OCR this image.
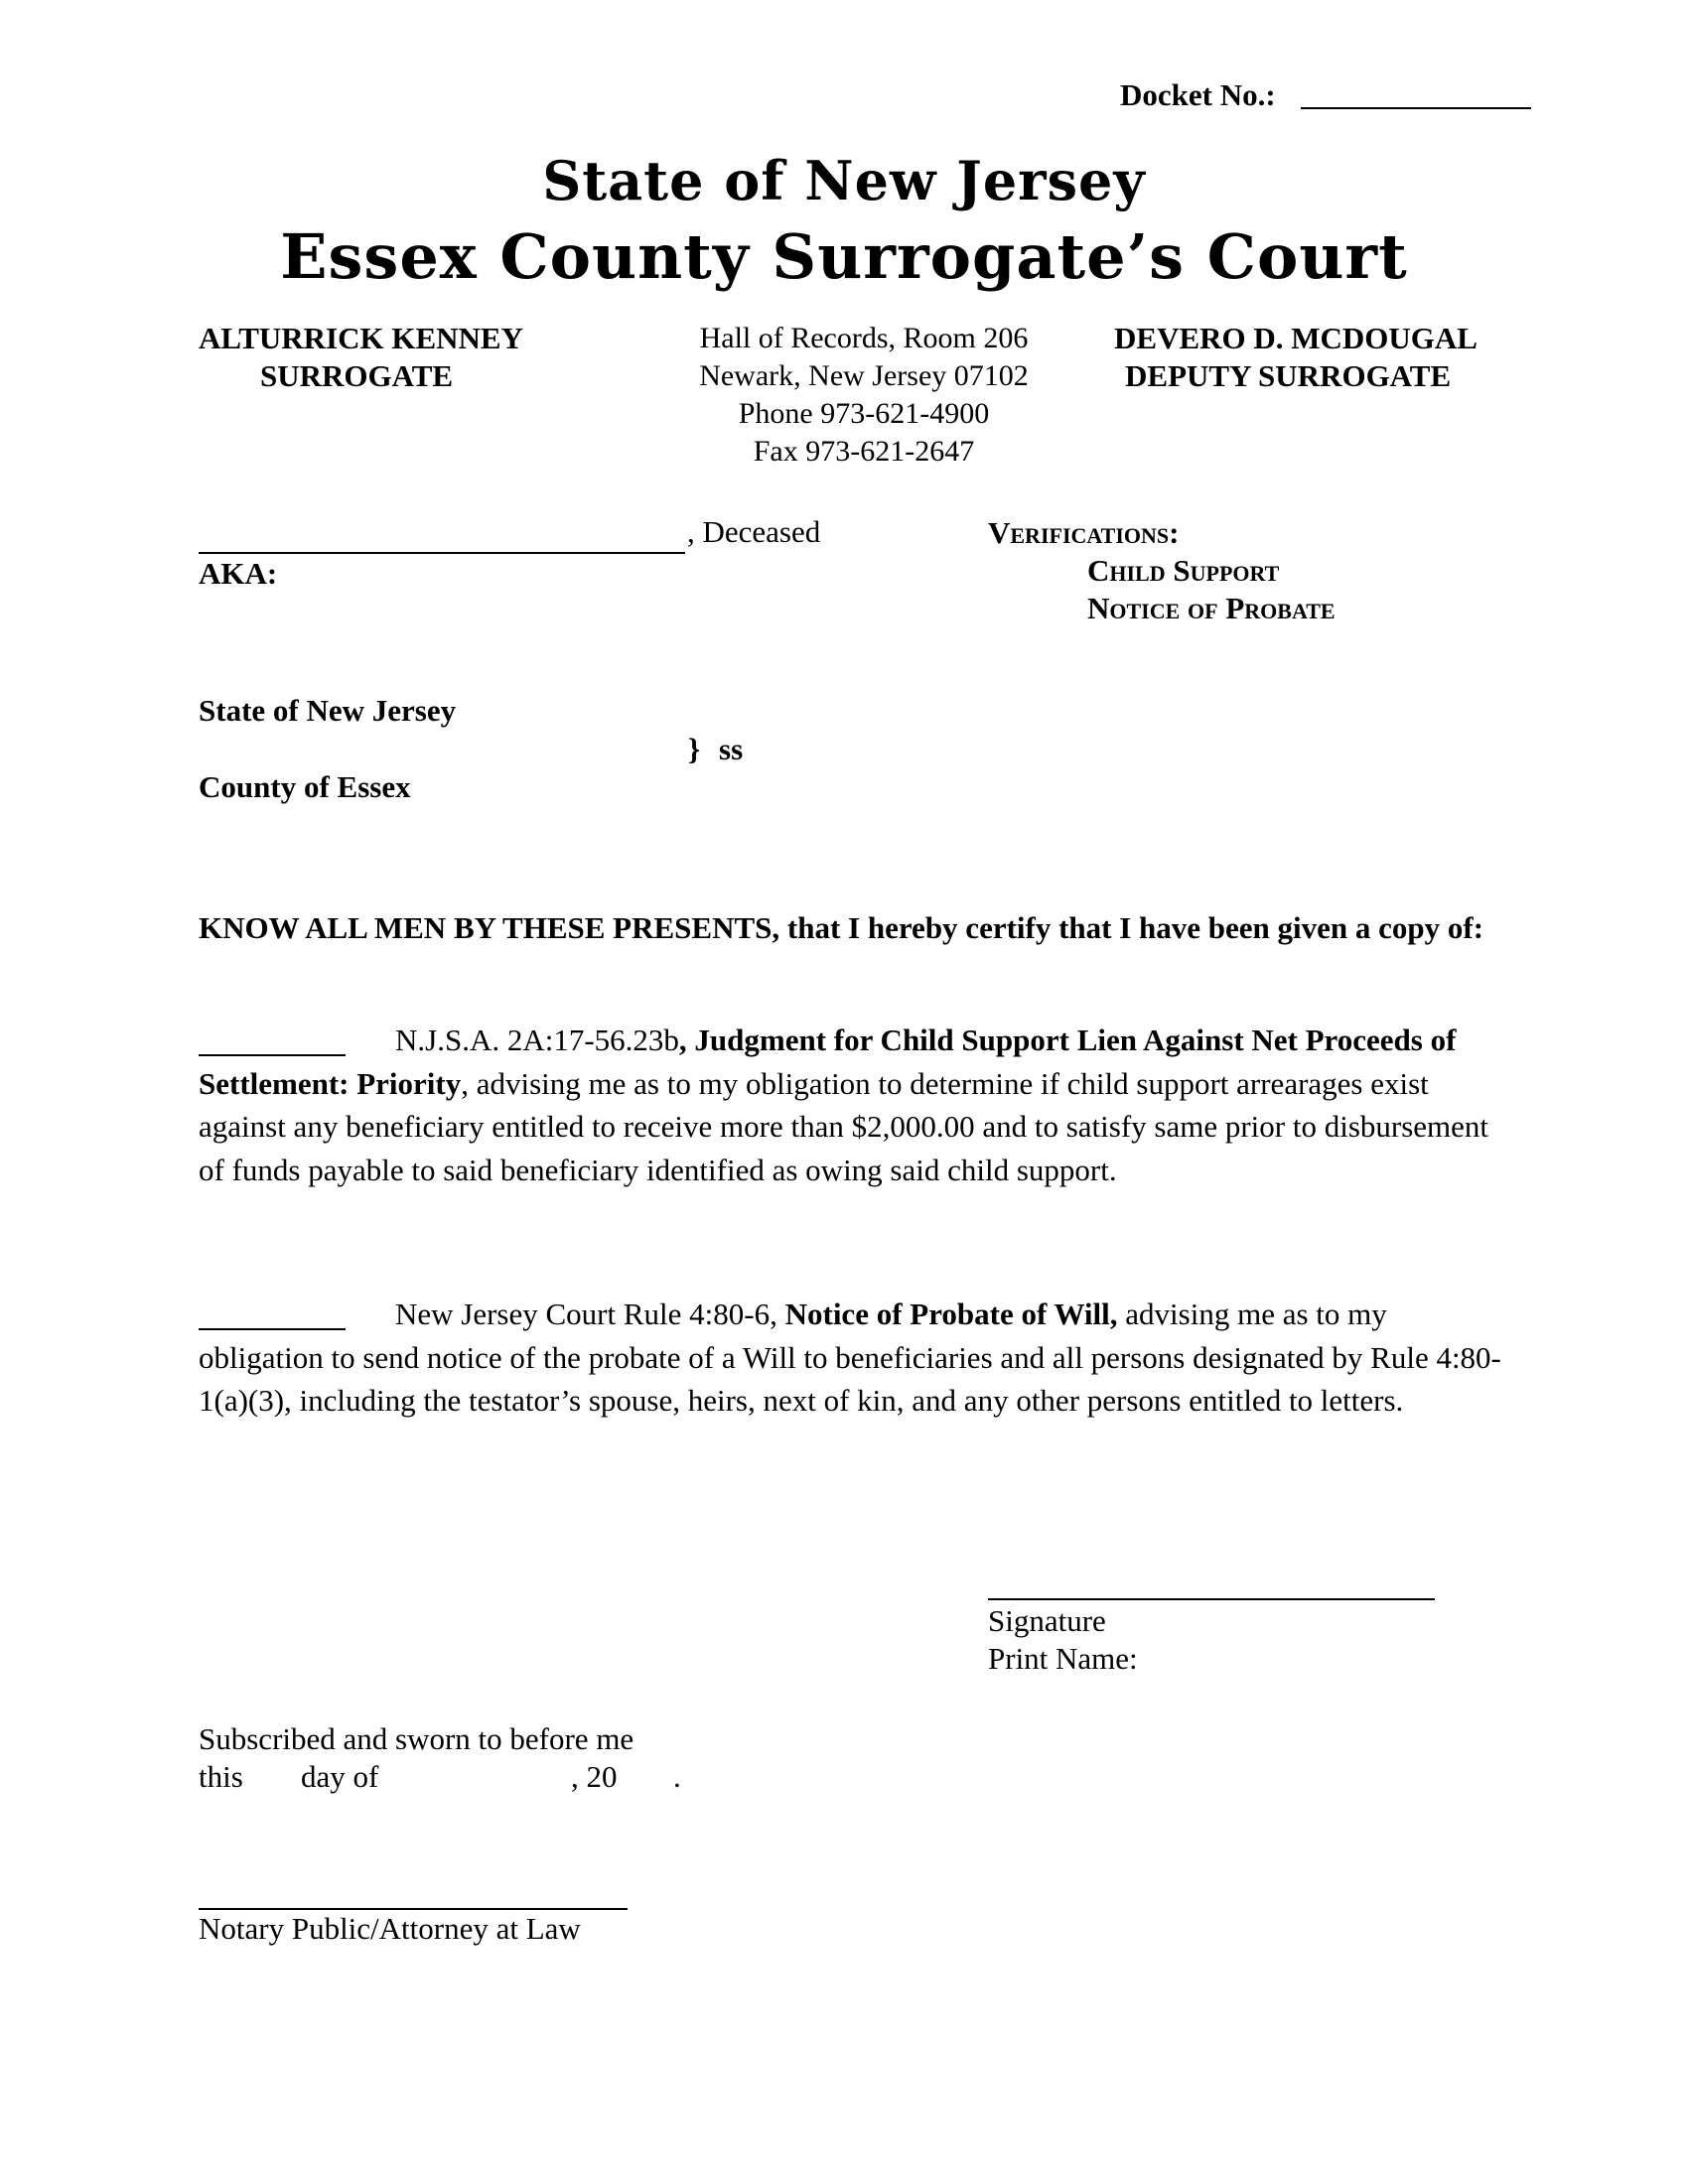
Docket No.:
State of New Jersey
Essex County Surrogate’s Court
ALTURRICK KENNEY
SURROGATE
DEVERO D. MCDOUGAL
DEPUTY SURROGATE
Hall of Records, Room 206
Newark, New Jersey 07102
Phone 973-621-4900
Fax 973-621-2647
, Deceased
AKA:
Verifications:
Child Support
Notice of Probate
State of New Jersey
} ss
County of Essex
KNOW ALL MEN BY THESE PRESENTS, that I hereby certify that I have been given a copy of:
N.J.S.A. 2A:17-56.23b, Judgment for Child Support Lien Against Net Proceeds of Settlement: Priority, advising me as to my obligation to determine if child support arrearages exist against any beneficiary entitled to receive more than $2,000.00 and to satisfy same prior to disbursement of funds payable to said beneficiary identified as owing said child support.
New Jersey Court Rule 4:80-6, Notice of Probate of Will, advising me as to my obligation to send notice of the probate of a Will to beneficiaries and all persons designated by Rule 4:80-1(a)(3), including the testator’s spouse, heirs, next of kin, and any other persons entitled to letters.
Signature
Print Name:
Subscribed and sworn to before me
this day of	, 20 .
Notary Public/Attorney at Law
